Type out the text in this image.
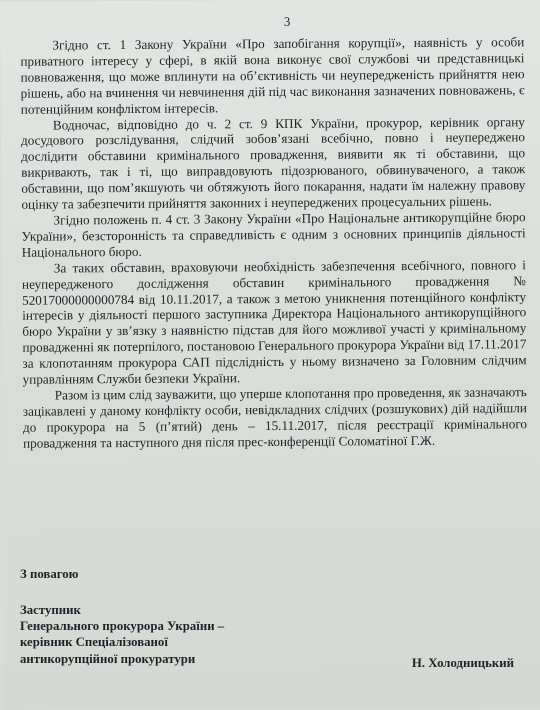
3

Згідно ст. 1 Закону України «Про запобігання корупції», наявність у особи приватного інтересу у сфері, в якій вона виконує свої службові чи представницькі повноваження, що може вплинути на об’єктивність чи неупередженість прийняття нею рішень, або на вчинення чи невчинення дій під час виконання зазначених повноважень, є потенційним конфліктом інтересів.

Водночас, відповідно до ч. 2 ст. 9 КПК України, прокурор, керівник органу досудового розслідування, слідчий зобов’язані всебічно, повно і неупереджено дослідити обставини кримінального провадження, виявити як ті обставини, що викривають, так і ті, що виправдовують підозрюваного, обвинуваченого, а також обставини, що пом’якшують чи обтяжують його покарання, надати їм належну правову оцінку та забезпечити прийняття законних і неупереджених процесуальних рішень.

Згідно положень п. 4 ст. 3 Закону України «Про Національне антикорупційне бюро України», безсторонність та справедливість є одним з основних принципів діяльності Національного бюро.

За таких обставин, враховуючи необхідність забезпечення всебічного, повного і неупередженого дослідження обставин кримінального провадження № 52017000000000784 від 10.11.2017, а також з метою уникнення потенційного конфлікту інтересів у діяльності першого заступника Директора Національного антикорупційного бюро України у зв’язку з наявністю підстав для його можливої участі у кримінальному провадженні як потерпілого, постановою Генерального прокурора України від 17.11.2017 за клопотанням прокурора САП підслідність у ньому визначено за Головним слідчим управлінням Служби безпеки України.

Разом із цим слід зауважити, що уперше клопотання про проведення, як зазначають зацікавлені у даному конфлікту особи, невідкладних слідчих (розшукових) дій надійшли до прокурора на 5 (п’ятий) день – 15.11.2017, після реєстрації кримінального провадження та наступного дня після прес-конференції Соломатіної Г.Ж.

З повагою
Заступник
Генерального прокурора України –
керівник Спеціалізованої
антикорупційної прокуратури	Н. Холодницький
